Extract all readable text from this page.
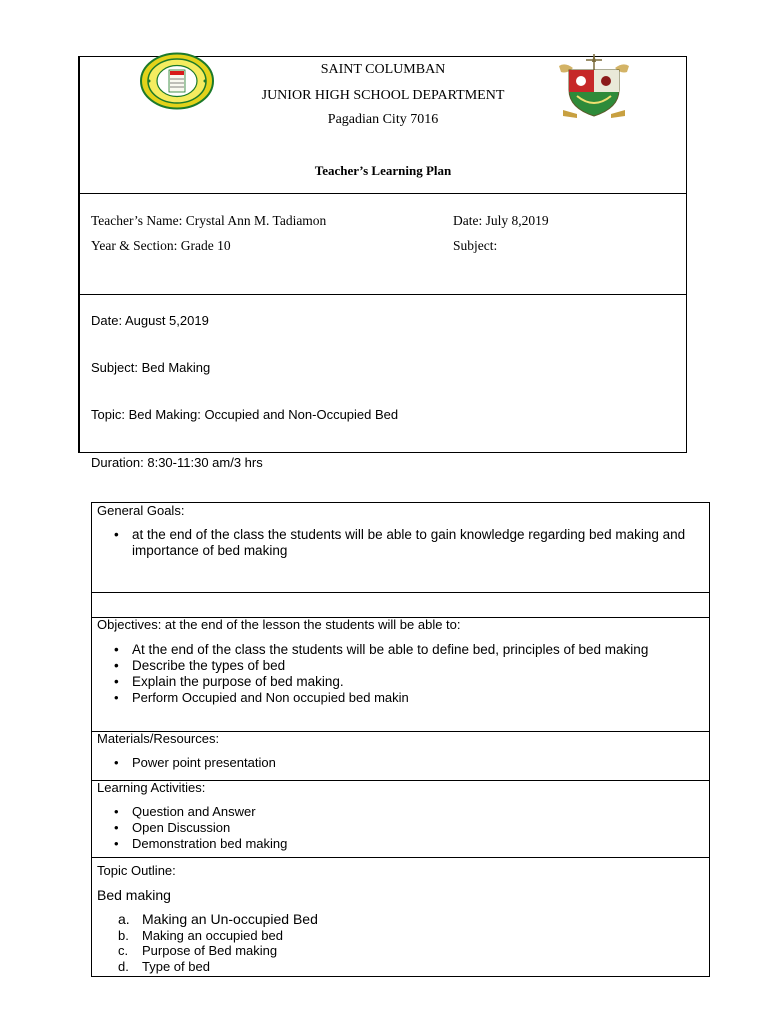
SAINT COLUMBAN
JUNIOR HIGH SCHOOL DEPARTMENT
Pagadian City 7016
Teacher’s Learning Plan
Teacher’s Name: Crystal Ann M. Tadiamon	Date: July 8,2019
Year & Section: Grade 10	Subject:
Date: August 5,2019
Subject: Bed Making
Topic: Bed Making: Occupied and Non-Occupied Bed
Duration: 8:30-11:30 am/3 hrs
General Goals:
• at the end of the class the students will be able to gain knowledge regarding bed making and importance of bed making
Objectives: at the end of the lesson the students will be able to:
• At the end of the class the students will be able to define bed, principles of bed making
• Describe the types of bed
• Explain the purpose of bed making.
• Perform Occupied and Non occupied bed makin
Materials/Resources:
• Power point presentation
Learning Activities:
• Question and Answer
• Open Discussion
• Demonstration bed making
Topic Outline:
Bed making
a. Making an Un-occupied Bed
b. Making an occupied bed
c. Purpose of Bed making
d. Type of bed
